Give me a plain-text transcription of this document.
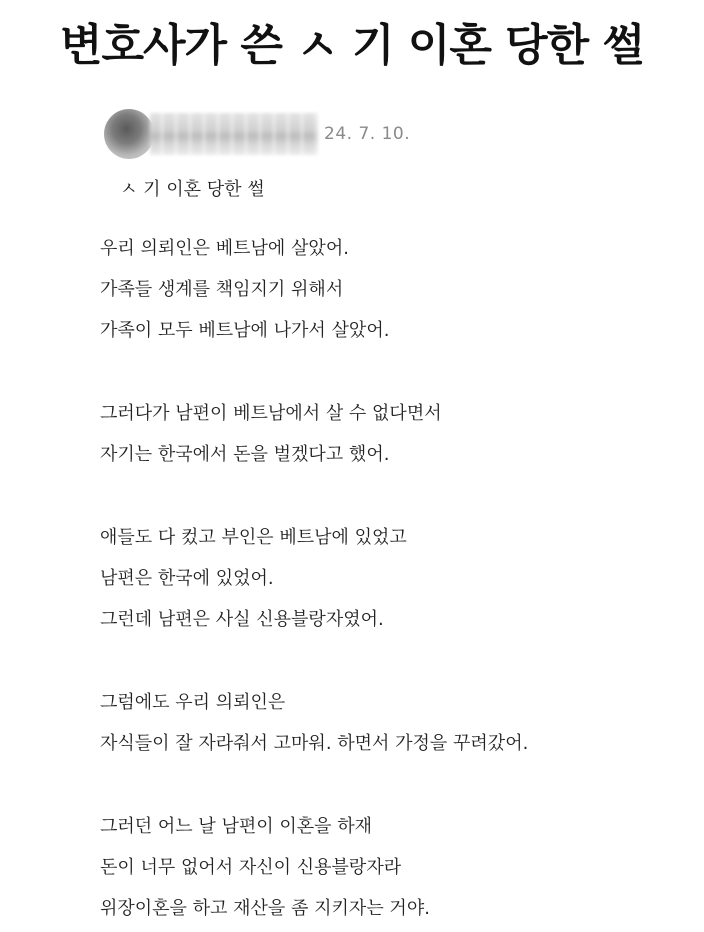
변호사가 쓴 ㅅ 기 이혼 당한 썰
24. 7. 10.
ㅅ 기 이혼 당한 썰
우리 의뢰인은 베트남에 살았어.
가족들 생계를 책임지기 위해서
가족이 모두 베트남에 나가서 살았어.
그러다가 남편이 베트남에서 살 수 없다면서
자기는 한국에서 돈을 벌겠다고 했어.
애들도 다 컸고 부인은 베트남에 있었고
남편은 한국에 있었어.
그런데 남편은 사실 신용블랑자였어.
그럼에도 우리 의뢰인은
자식들이 잘 자라줘서 고마워. 하면서 가정을 꾸려갔어.
그러던 어느 날 남편이 이혼을 하재
돈이 너무 없어서 자신이 신용블랑자라
위장이혼을 하고 재산을 좀 지키자는 거야.
